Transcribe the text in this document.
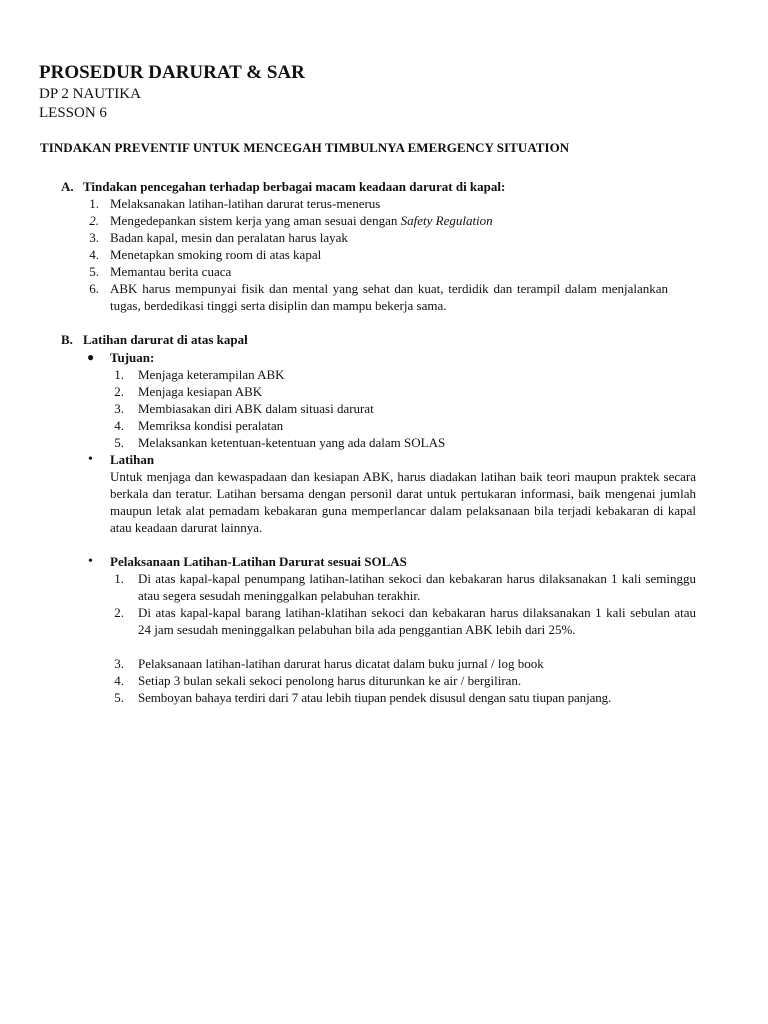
PROSEDUR DARURAT & SAR
DP 2 NAUTIKA
LESSON 6
TINDAKAN PREVENTIF UNTUK MENCEGAH TIMBULNYA EMERGENCY SITUATION
A. Tindakan pencegahan terhadap berbagai macam keadaan darurat di kapal:
1. Melaksanakan latihan-latihan darurat terus-menerus
2. Mengedepankan sistem kerja yang aman sesuai dengan Safety Regulation
3. Badan kapal, mesin dan peralatan harus layak
4. Menetapkan smoking room di atas kapal
5. Memantau berita cuaca
6. ABK harus mempunyai fisik dan mental yang sehat dan kuat, terdidik dan terampil dalam menjalankan tugas, berdedikasi tinggi serta disiplin dan mampu bekerja sama.
B. Latihan darurat di atas kapal
● Tujuan:
1. Menjaga keterampilan ABK
2. Menjaga kesiapan ABK
3. Membiasakan diri ABK dalam situasi darurat
4. Memriksa kondisi peralatan
5. Melaksankan ketentuan-ketentuan yang ada dalam SOLAS
• Latihan
Untuk menjaga dan kewaspadaan dan kesiapan ABK, harus diadakan latihan baik teori maupun praktek secara berkala dan teratur. Latihan bersama dengan personil darat untuk pertukaran informasi, baik mengenai jumlah maupun letak alat pemadam kebakaran guna memperlancar dalam pelaksanaan bila terjadi kebakaran di kapal atau keadaan darurat lainnya.
• Pelaksanaan Latihan-Latihan Darurat sesuai SOLAS
1. Di atas kapal-kapal penumpang latihan-latihan sekoci dan kebakaran harus dilaksanakan 1 kali seminggu atau segera sesudah meninggalkan pelabuhan terakhir.
2. Di atas kapal-kapal barang latihan-klatihan sekoci dan kebakaran harus dilaksanakan 1 kali sebulan atau 24 jam sesudah meninggalkan pelabuhan bila ada penggantian ABK lebih dari 25%.
3. Pelaksanaan latihan-latihan darurat harus dicatat dalam buku jurnal / log book
4. Setiap 3 bulan sekali sekoci penolong harus diturunkan ke air / bergiliran.
5. Semboyan bahaya terdiri dari 7 atau lebih tiupan pendek disusul dengan satu tiupan panjang.
